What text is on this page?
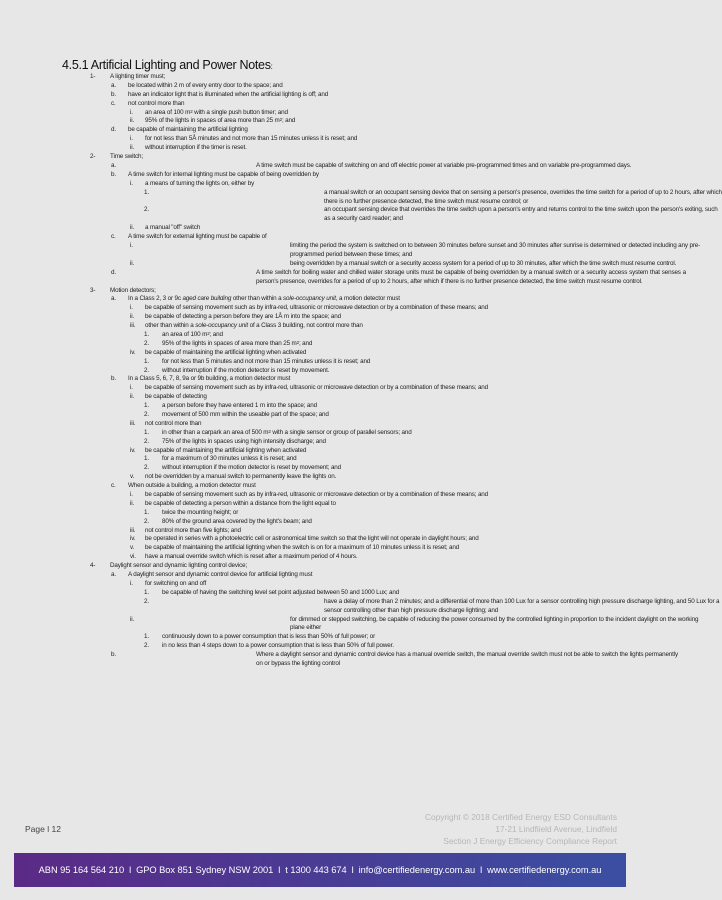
4.5.1 Artificial Lighting and Power Notes:
1- A lighting timer must;
a. be located within 2 m of every entry door to the space; and
b. have an indicator light that is illuminated when the artificial lighting is off; and
c. not control more than
i. an area of 100 $m^2$ with a single push button timer; and
ii. 95% of the lights in spaces of area more than 25 $m^2$; and
d. be capable of maintaining the artificial lighting
i. for not less than 5Å minutes and not more than 15 minutes unless it is reset; and
ii. without interruption if the timer is reset.
2- Time switch;
a.	A time switch must be capable of switching on and off electric power at variable pre-programmed times and on variable pre-programmed days.
b. A time switch for internal lighting must be capable of being overridden by
i. a means of turning the lights on, either by
1.	a manual switch or an occupant sensing device that on sensing a person's presence, overrides the time switch for a period of up to 2 hours, after which there is no further presence detected, the time switch must resume control; or
2.	an occupant sensing device that overrides the time switch upon a person's entry and returns control to the time switch upon the person's exiting, such as a security card reader; and
ii. a manual "off" switch
c. A time switch for external lighting must be capable of
i.	limiting the period the system is switched on to between 30 minutes before sunset and 30 minutes after sunrise is determined or detected including any pre-programmed period between these times; and
ii.	being overridden by a manual switch or a security access system for a period of up to 30 minutes, after which the time switch must resume control.
d.	A time switch for boiling water and chilled water storage units must be capable of being overridden by a manual switch or a security access system that senses a person's presence, overrides for a period of up to 2 hours, after which if there is no further presence detected, the time switch must resume control.
3- Motion detectors;
a. In a Class 2, 3 or 9c aged care building other than within a sole-occupancy unit, a motion detector must
i. be capable of sensing movement such as by infra-red, ultrasonic or microwave detection or by a combination of these means; and
ii. be capable of detecting a person before they are 1Å m into the space; and
iii. other than within a sole-occupancy unit of a Class 3 building, not control more than
1. an area of 100 $m^2$; and
2. 95% of the lights in spaces of area more than 25 $m^2$; and
iv. be capable of maintaining the artificial lighting when activated
1. for not less than 5 minutes and not more than 15 minutes unless it is reset; and
2. without interruption if the motion detector is reset by movement.
b. In a Class 5, 6, 7, 8, 9a or 9b building, a motion detector must
i. be capable of sensing movement such as by infra-red, ultrasonic or microwave detection or by a combination of these means; and
ii. be capable of detecting
1. a person before they have entered 1 m into the space; and
2. movement of 500 mm within the useable part of the space; and
iii. not control more than
1. in other than a carpark an area of 500 $m^2$ with a single sensor or group of parallel sensors; and
2. 75% of the lights in spaces using high intensity discharge; and
iv. be capable of maintaining the artificial lighting when activated
1. for a maximum of 30 minutes unless it is reset; and
2. without interruption if the motion detector is reset by movement; and
v. not be overridden by a manual switch to permanently leave the lights on.
c. When outside a building, a motion detector must
i. be capable of sensing movement such as by infra-red, ultrasonic or microwave detection or by a combination of these means; and
ii. be capable of detecting a person within a distance from the light equal to
1. twice the mounting height; or
2. 80% of the ground area covered by the light's beam; and
iii. not control more than five lights; and
iv. be operated in series with a photoelectric cell or astronomical time switch so that the light will not operate in daylight hours; and
v. be capable of maintaining the artificial lighting when the switch is on for a maximum of 10 minutes unless it is reset; and
vi. have a manual override switch which is reset after a maximum period of 4 hours.
4- Daylight sensor and dynamic lighting control device;
a. A daylight sensor and dynamic control device for artificial lighting must
i. for switching on and off
1. be capable of having the switching level set point adjusted between 50 and 1000 Lux; and
2.	have a delay of more than 2 minutes; and a differential of more than 100 Lux for a sensor controlling high pressure discharge lighting, and 50 Lux for a sensor controlling other than high pressure discharge lighting; and
ii.	for dimmed or stepped switching, be capable of reducing the power consumed by the controlled lighting in proportion to the incident daylight on the working plane either
1. continuously down to a power consumption that is less than 50% of full power; or
2. in no less than 4 steps down to a power consumption that is less than 50% of full power.
b.	Where a daylight sensor and dynamic control device has a manual override switch, the manual override switch must not be able to switch the lights permanently on or bypass the lighting control
Copyright © 2018 Certified Energy ESD Consultants
17-21 Lindfiield Avenue, Lindfield
Section J Energy Efficiency Compliance Report
Page l 12
ABN 95 164 564 210 l GPO Box 851 Sydney NSW 2001 l t 1300 443 674 l info@certifiedenergy.com.au l www.certifiedenergy.com.au
